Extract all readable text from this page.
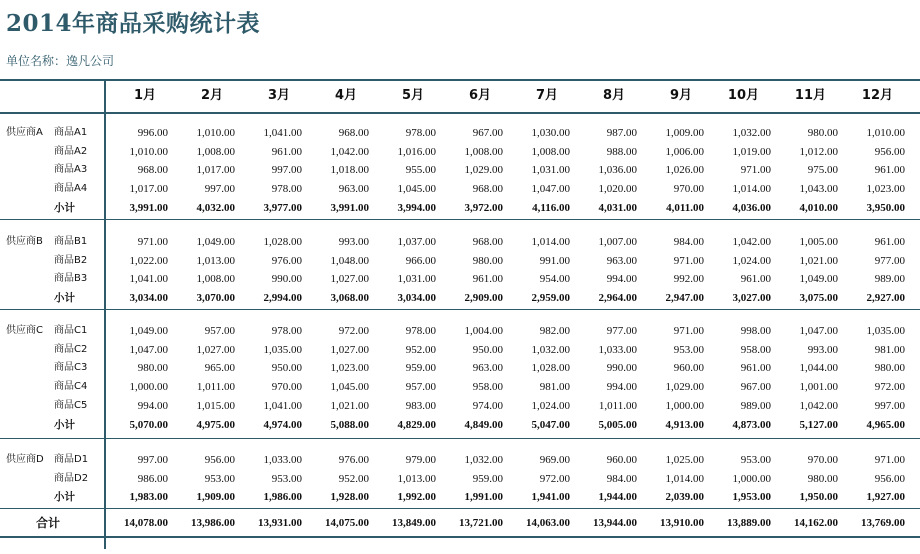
2014年商品采购统计表
单位名称：逸凡公司
1月	2月	3月	4月	5月	6月	7月	8月	9月	10月	11月	12月
供应商A	商品A1	996.00	1,010.00	1,041.00	968.00	978.00	967.00	1,030.00	987.00	1,009.00	1,032.00	980.00	1,010.00
商品A2	1,010.00	1,008.00	961.00	1,042.00	1,016.00	1,008.00	1,008.00	988.00	1,006.00	1,019.00	1,012.00	956.00
商品A3	968.00	1,017.00	997.00	1,018.00	955.00	1,029.00	1,031.00	1,036.00	1,026.00	971.00	975.00	961.00
商品A4	1,017.00	997.00	978.00	963.00	1,045.00	968.00	1,047.00	1,020.00	970.00	1,014.00	1,043.00	1,023.00
小计	3,991.00	4,032.00	3,977.00	3,991.00	3,994.00	3,972.00	4,116.00	4,031.00	4,011.00	4,036.00	4,010.00	3,950.00
供应商B	商品B1	971.00	1,049.00	1,028.00	993.00	1,037.00	968.00	1,014.00	1,007.00	984.00	1,042.00	1,005.00	961.00
商品B2	1,022.00	1,013.00	976.00	1,048.00	966.00	980.00	991.00	963.00	971.00	1,024.00	1,021.00	977.00
商品B3	1,041.00	1,008.00	990.00	1,027.00	1,031.00	961.00	954.00	994.00	992.00	961.00	1,049.00	989.00
小计	3,034.00	3,070.00	2,994.00	3,068.00	3,034.00	2,909.00	2,959.00	2,964.00	2,947.00	3,027.00	3,075.00	2,927.00
供应商C	商品C1	1,049.00	957.00	978.00	972.00	978.00	1,004.00	982.00	977.00	971.00	998.00	1,047.00	1,035.00
商品C2	1,047.00	1,027.00	1,035.00	1,027.00	952.00	950.00	1,032.00	1,033.00	953.00	958.00	993.00	981.00
商品C3	980.00	965.00	950.00	1,023.00	959.00	963.00	1,028.00	990.00	960.00	961.00	1,044.00	980.00
商品C4	1,000.00	1,011.00	970.00	1,045.00	957.00	958.00	981.00	994.00	1,029.00	967.00	1,001.00	972.00
商品C5	994.00	1,015.00	1,041.00	1,021.00	983.00	974.00	1,024.00	1,011.00	1,000.00	989.00	1,042.00	997.00
小计	5,070.00	4,975.00	4,974.00	5,088.00	4,829.00	4,849.00	5,047.00	5,005.00	4,913.00	4,873.00	5,127.00	4,965.00
供应商D	商品D1	997.00	956.00	1,033.00	976.00	979.00	1,032.00	969.00	960.00	1,025.00	953.00	970.00	971.00
商品D2	986.00	953.00	953.00	952.00	1,013.00	959.00	972.00	984.00	1,014.00	1,000.00	980.00	956.00
小计	1,983.00	1,909.00	1,986.00	1,928.00	1,992.00	1,991.00	1,941.00	1,944.00	2,039.00	1,953.00	1,950.00	1,927.00
合计	14,078.00	13,986.00	13,931.00	14,075.00	13,849.00	13,721.00	14,063.00	13,944.00	13,910.00	13,889.00	14,162.00	13,769.00
